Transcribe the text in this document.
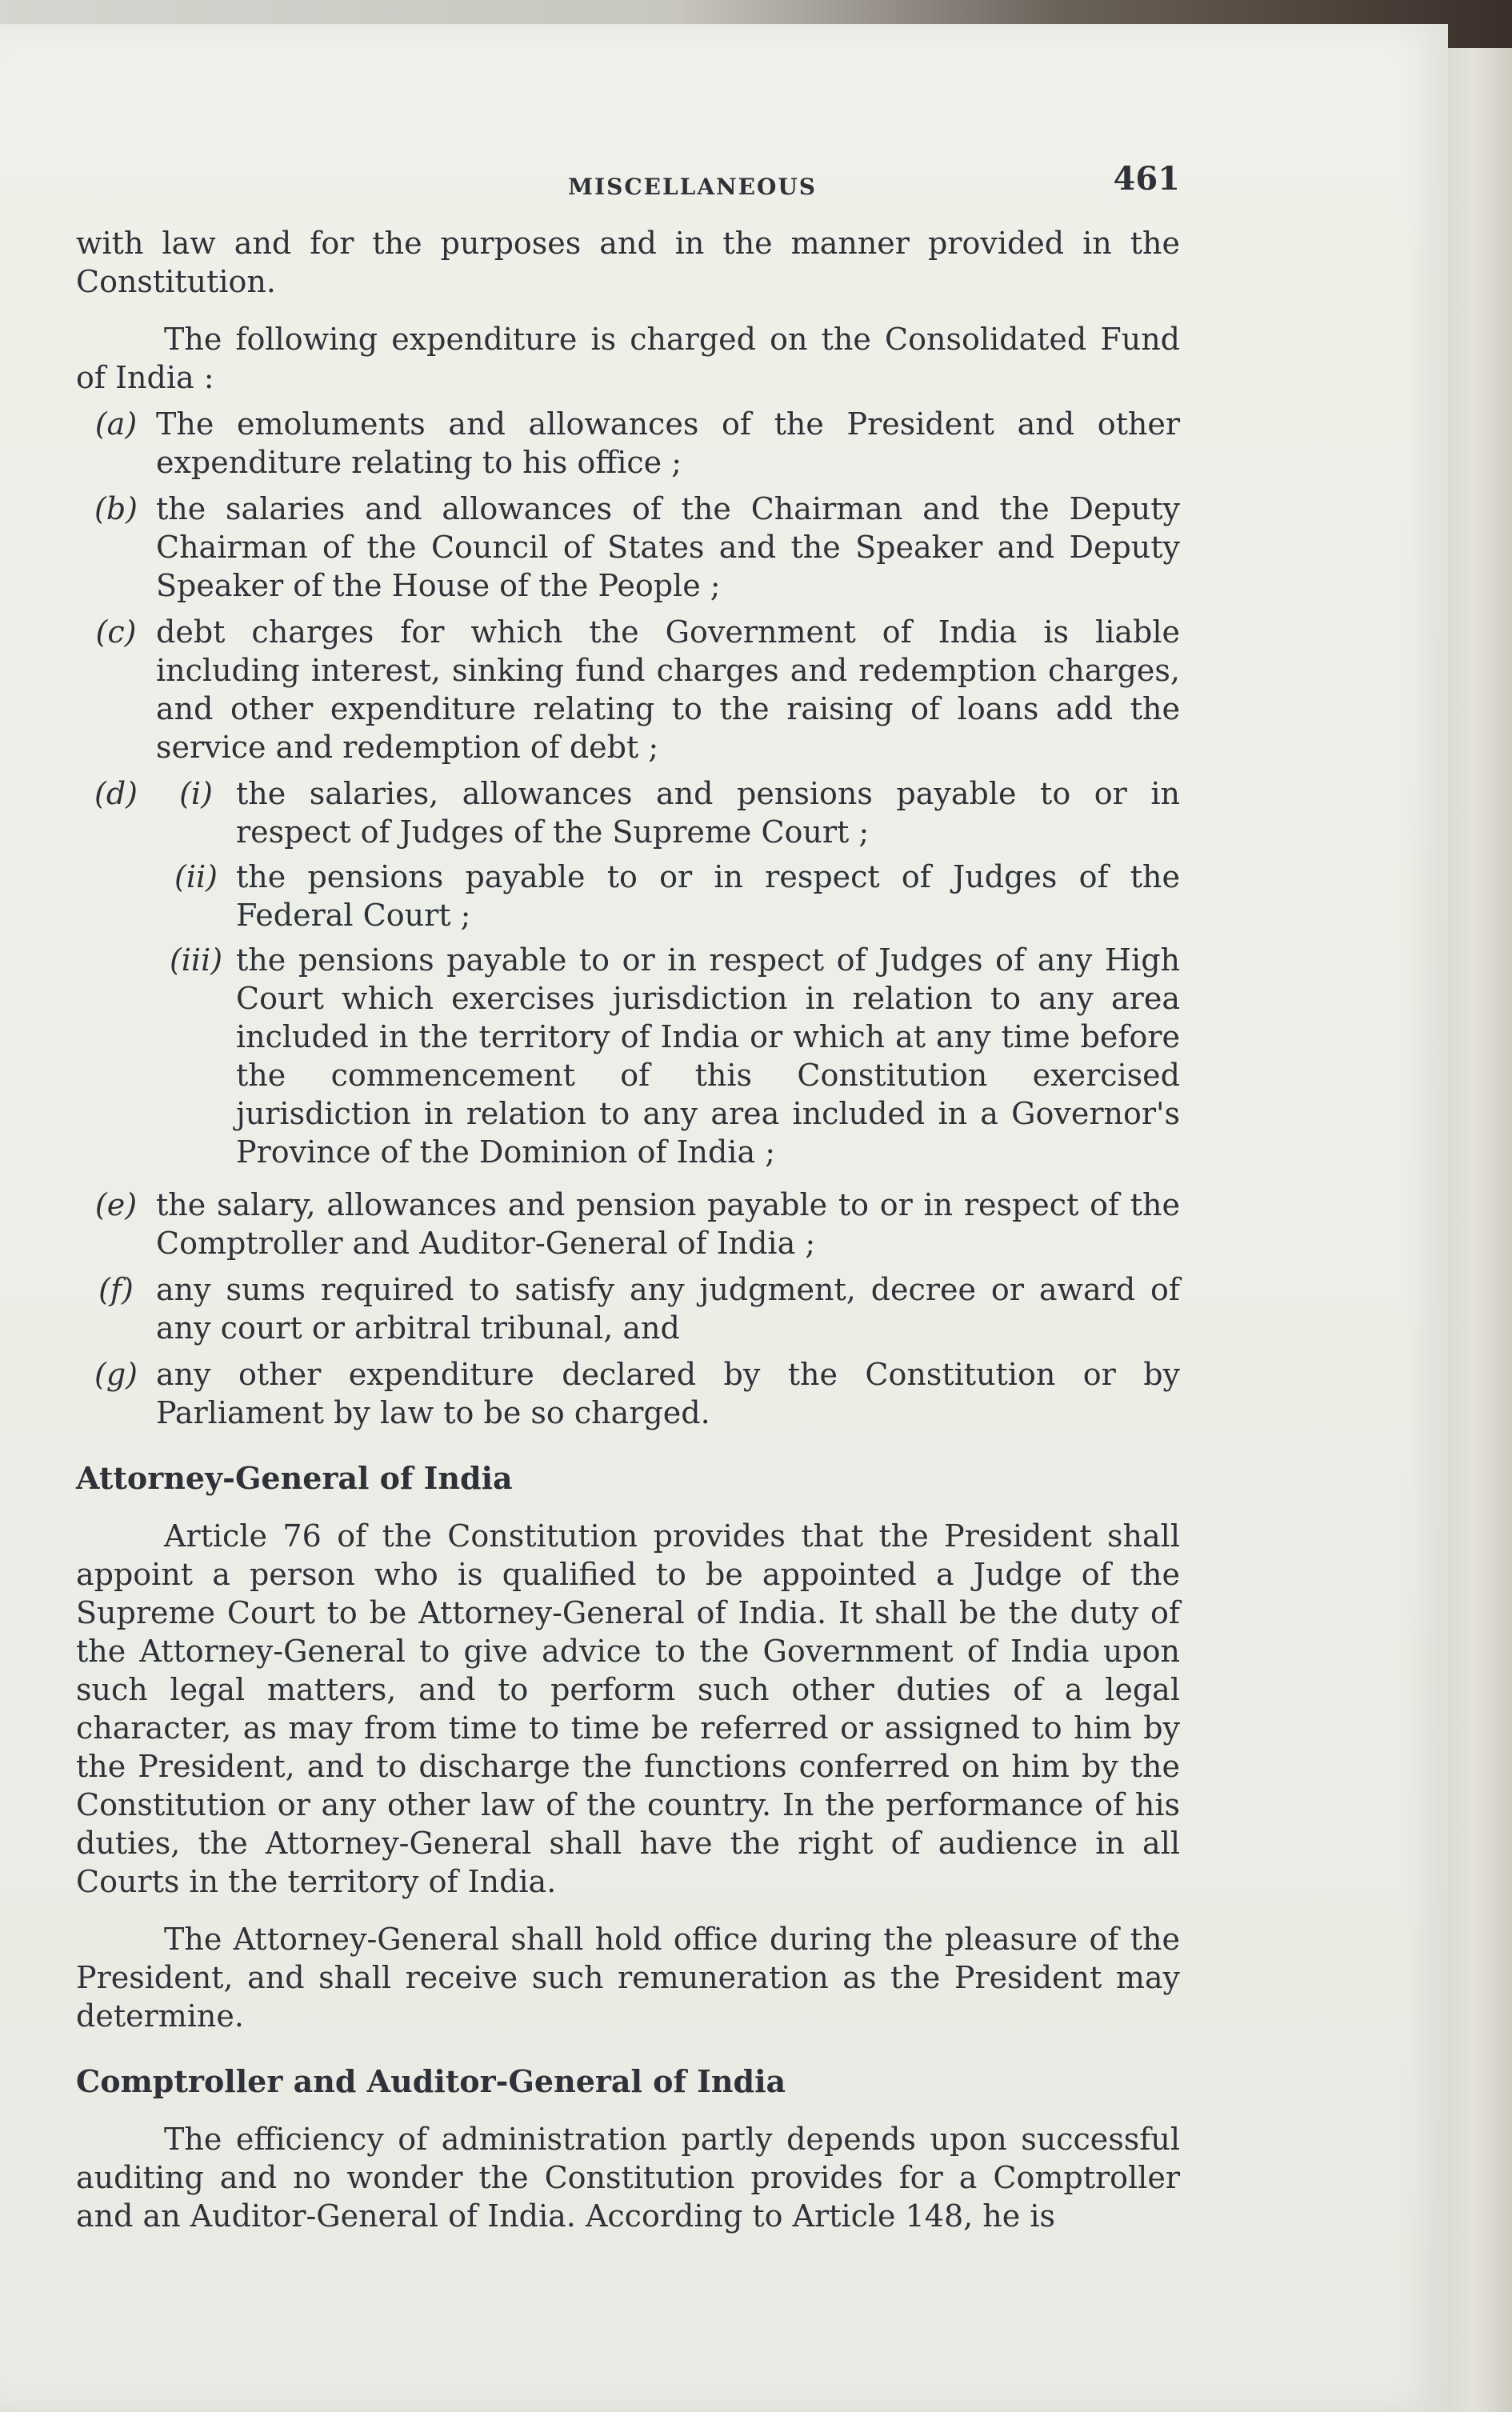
MISCELLANEOUS	461

with law and for the purposes and in the manner provided in the Constitution.

The following expenditure is charged on the Consolidated Fund of India :

(a) The emoluments and allowances of the President and other expenditure relating to his office ;
(b) the salaries and allowances of the Chairman and the Deputy Chairman of the Council of States and the Speaker and Deputy Speaker of the House of the People ;
(c) debt charges for which the Government of India is liable including interest, sinking fund charges and redemption charges, and other expenditure relating to the raising of loans add the service and redemption of debt ;
(d)	(i) the salaries, allowances and pensions payable to or in respect of Judges of the Supreme Court ;
(ii) the pensions payable to or in respect of Judges of the Federal Court ;
(iii) the pensions payable to or in respect of Judges of any High Court which exercises jurisdiction in relation to any area included in the territory of India or which at any time before the commencement of this Constitution exercised jurisdiction in relation to any area included in a Governor's Province of the Dominion of India ;
(e) the salary, allowances and pension payable to or in respect of the Comptroller and Auditor-General of India ;
(f) any sums required to satisfy any judgment, decree or award of any court or arbitral tribunal, and
(g) any other expenditure declared by the Constitution or by Parliament by law to be so charged.
Attorney-General of India

Article 76 of the Constitution provides that the President shall appoint a person who is qualified to be appointed a Judge of the Supreme Court to be Attorney-General of India. It shall be the duty of the Attorney-General to give advice to the Government of India upon such legal matters, and to perform such other duties of a legal character, as may from time to time be referred or assigned to him by the President, and to discharge the functions conferred on him by the Constitution or any other law of the country. In the performance of his duties, the Attorney-General shall have the right of audience in all Courts in the territory of India.

The Attorney-General shall hold office during the pleasure of the President, and shall receive such remuneration as the President may determine.

Comptroller and Auditor-General of India

The efficiency of administration partly depends upon successful auditing and no wonder the Constitution provides for a Comptroller and an Auditor-General of India. According to Article 148, he is
